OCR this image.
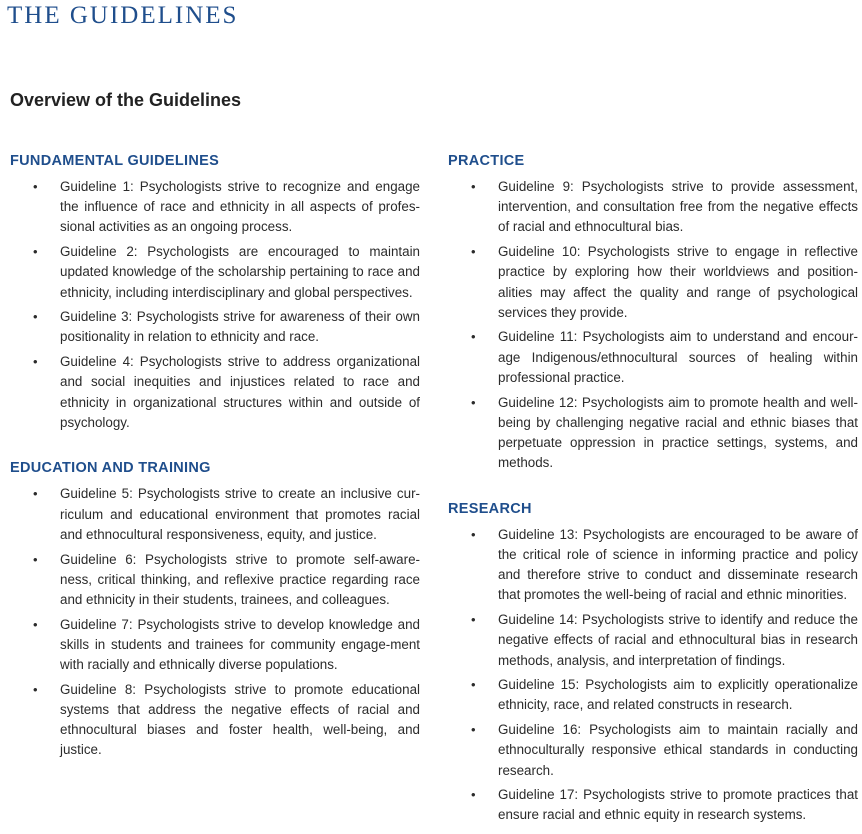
THE GUIDELINES
Overview of the Guidelines
FUNDAMENTAL GUIDELINES
• Guideline 1: Psychologists strive to recognize and engage the influence of race and ethnicity in all aspects of profes-sional activities as an ongoing process.
• Guideline 2: Psychologists are encouraged to maintain updated knowledge of the scholarship pertaining to race and ethnicity, including interdisciplinary and global perspectives.
• Guideline 3: Psychologists strive for awareness of their own positionality in relation to ethnicity and race.
• Guideline 4: Psychologists strive to address organizational and social inequities and injustices related to race and ethnicity in organizational structures within and outside of psychology.
EDUCATION AND TRAINING
• Guideline 5: Psychologists strive to create an inclusive cur-riculum and educational environment that promotes racial and ethnocultural responsiveness, equity, and justice.
• Guideline 6: Psychologists strive to promote self-aware-ness, critical thinking, and reflexive practice regarding race and ethnicity in their students, trainees, and colleagues.
• Guideline 7: Psychologists strive to develop knowledge and skills in students and trainees for community engage-ment with racially and ethnically diverse populations.
• Guideline 8: Psychologists strive to promote educational systems that address the negative effects of racial and ethnocultural biases and foster health, well-being, and justice.
PRACTICE
• Guideline 9: Psychologists strive to provide assessment, intervention, and consultation free from the negative effects of racial and ethnocultural bias.
• Guideline 10: Psychologists strive to engage in reflective practice by exploring how their worldviews and position-alities may affect the quality and range of psychological services they provide.
• Guideline 11: Psychologists aim to understand and encour-age Indigenous/ethnocultural sources of healing within professional practice.
• Guideline 12: Psychologists aim to promote health and well-being by challenging negative racial and ethnic biases that perpetuate oppression in practice settings, systems, and methods.
RESEARCH
• Guideline 13: Psychologists are encouraged to be aware of the critical role of science in informing practice and policy and therefore strive to conduct and disseminate research that promotes the well-being of racial and ethnic minorities.
• Guideline 14: Psychologists strive to identify and reduce the negative effects of racial and ethnocultural bias in research methods, analysis, and interpretation of findings.
• Guideline 15: Psychologists aim to explicitly operationalize ethnicity, race, and related constructs in research.
• Guideline 16: Psychologists aim to maintain racially and ethnoculturally responsive ethical standards in conducting research.
• Guideline 17: Psychologists strive to promote practices that ensure racial and ethnic equity in research systems.
